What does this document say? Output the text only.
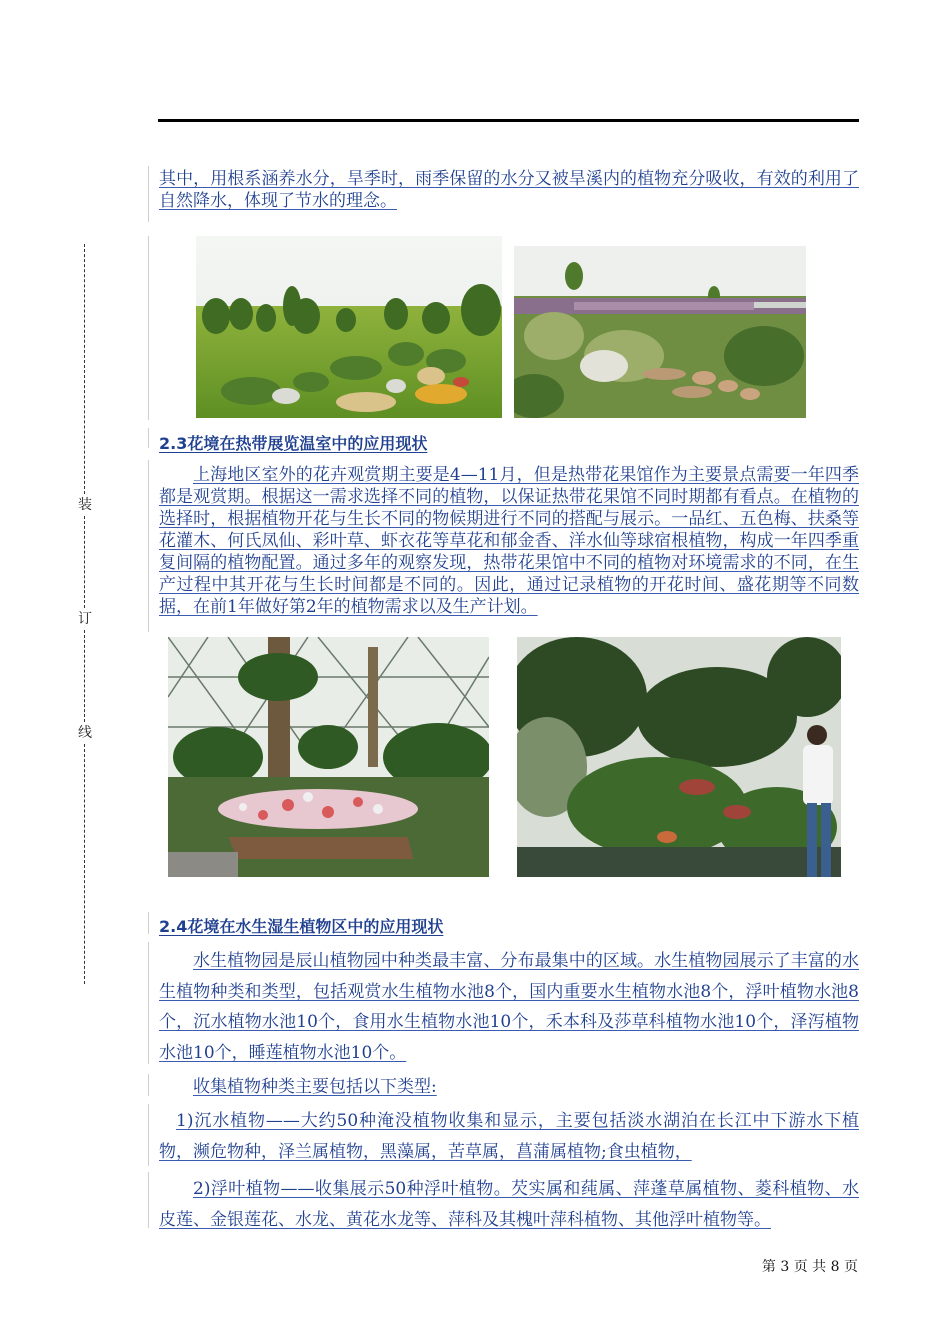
装
订
线

其中，用根系涵养水分，旱季时，雨季保留的水分又被旱溪内的植物充分吸收，有效的利用了自然降水，体现了节水的理念。

2.3花境在热带展览温室中的应用现状

上海地区室外的花卉观赏期主要是4—11月，但是热带花果馆作为主要景点需要一年四季都是观赏期。根据这一需求选择不同的植物，以保证热带花果馆不同时期都有看点。在植物的选择时，根据植物开花与生长不同的物候期进行不同的搭配与展示。一品红、五色梅、扶桑等花灌木、何氏凤仙、彩叶草、虾衣花等草花和郁金香、洋水仙等球宿根植物，构成一年四季重复间隔的植物配置。通过多年的观察发现，热带花果馆中不同的植物对环境需求的不同，在生产过程中其开花与生长时间都是不同的。因此，通过记录植物的开花时间、盛花期等不同数据，在前1年做好第2年的植物需求以及生产计划。

2.4花境在水生湿生植物区中的应用现状

水生植物园是辰山植物园中种类最丰富、分布最集中的区域。水生植物园展示了丰富的水生植物种类和类型，包括观赏水生植物水池8个，国内重要水生植物水池8个，浮叶植物水池8个，沉水植物水池10个，食用水生植物水池10个，禾本科及莎草科植物水池10个，泽泻植物水池10个，睡莲植物水池10个。

收集植物种类主要包括以下类型:

1)沉水植物——大约50种淹没植物收集和显示，主要包括淡水湖泊在长江中下游水下植物，濒危物种，泽兰属植物，黑藻属，苦草属，菖蒲属植物;食虫植物，

2)浮叶植物——收集展示50种浮叶植物。芡实属和莼属、萍蓬草属植物、菱科植物、水皮莲、金银莲花、水龙、黄花水龙等、萍科及其槐叶萍科植物、其他浮叶植物等。

第 3 页 共 8 页
